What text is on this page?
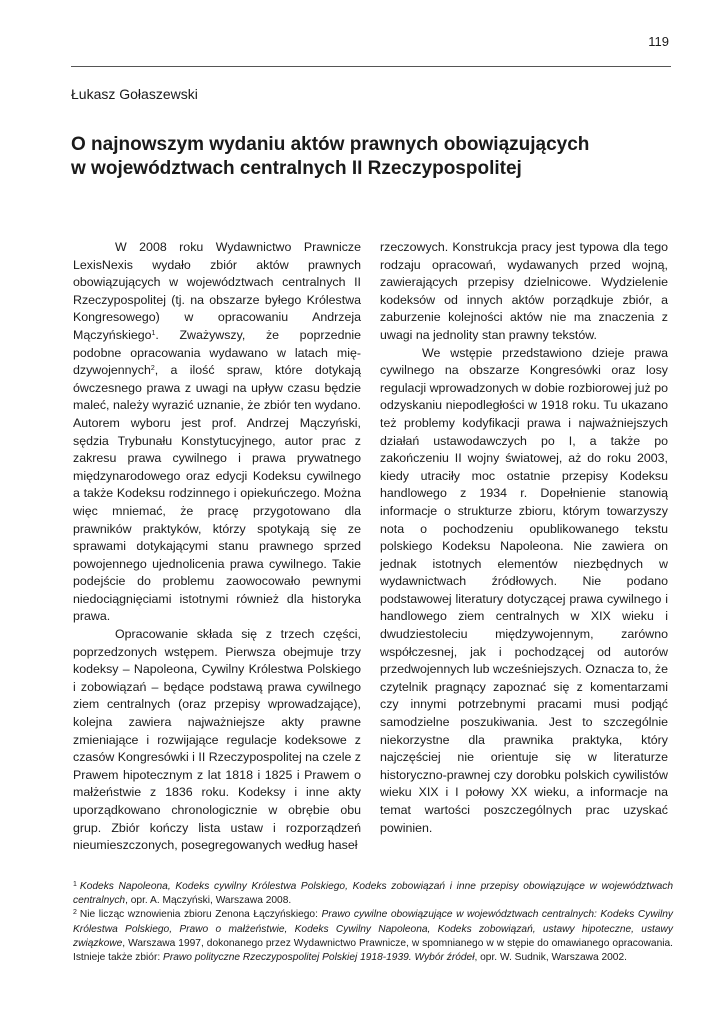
119
Łukasz Gołaszewski
O najnowszym wydaniu aktów prawnych obowiązujących
w województwach centralnych II Rzeczypospolitej

W 2008 roku Wydawnictwo Prawnicze LexisNexis wydało zbiór aktów prawnych obowiązujących w województwach centralnych II Rzeczypospolitej (tj. na obszarze byłego Królestwa Kongresowego) w opracowaniu Andrzeja Mączyńskiego$^1$. Zważywszy, że poprzednie podobne opracowania wydawano w latach międzywojennych$^2$, a ilość spraw, które dotykają ówczesnego prawa z uwagi na upływ czasu będzie maleć, należy wyrazić uznanie, że zbiór ten wydano. Autorem wyboru jest prof. Andrzej Mączyński, sędzia Trybunału Konstytucyjnego, autor prac z zakresu prawa cywilnego i prawa prywatnego międzynarodowego oraz edycji Kodeksu cywilnego a także Kodeksu rodzinnego i opiekuńczego. Można więc mniemać, że pracę przygotowano dla prawników praktyków, którzy spotykają się ze sprawami dotykającymi stanu prawnego sprzed powojennego ujednolicenia prawa cywilnego. Takie podejście do problemu zaowocowało pewnymi niedociągnięciami istotnymi również dla historyka prawa.

Opracowanie składa się z trzech części, poprzedzonych wstępem. Pierwsza obejmuje trzy kodeksy – Napoleona, Cywilny Królestwa Polskiego i zobowiązań – będące podstawą prawa cywilnego ziem centralnych (oraz przepisy wprowadzające), kolejna zawiera najważniejsze akty prawne zmieniające i rozwijające regulacje kodeksowe z czasów Kongresówki i II Rzeczypospolitej na czele z Prawem hipotecznym z lat 1818 i 1825 i Prawem o małżeństwie z 1836 roku. Kodeksy i inne akty uporządkowano chronologicznie w obrębie obu grup. Zbiór kończy lista ustaw i rozporządzeń nieumieszczonych, posegregowanych według haseł

rzeczowych. Konstrukcja pracy jest typowa dla tego rodzaju opracowań, wydawanych przed wojną, zawierających przepisy dzielnicowe. Wydzielenie kodeksów od innych aktów porządkuje zbiór, a zaburzenie kolejności aktów nie ma znaczenia z uwagi na jednolity stan prawny tekstów.

We wstępie przedstawiono dzieje prawa cywilnego na obszarze Kongresówki oraz losy regulacji wprowadzonych w dobie rozbiorowej już po odzyskaniu niepodległości w 1918 roku. Tu ukazano też problemy kodyfikacji prawa i najważniejszych działań ustawodawczych po I, a także po zakończeniu II wojny światowej, aż do roku 2003, kiedy utraciły moc ostatnie przepisy Kodeksu handlowego z 1934 r. Dopełnienie stanowią informacje o strukturze zbioru, którym towarzyszy nota o pochodzeniu opublikowanego tekstu polskiego Kodeksu Napoleona. Nie zawiera on jednak istotnych elementów niezbędnych w wydawnictwach źródłowych. Nie podano podstawowej literatury dotyczącej prawa cywilnego i handlowego ziem centralnych w XIX wieku i dwudziestoleciu międzywojennym, zarówno współczesnej, jak i pochodzącej od autorów przedwojennych lub wcześniejszych. Oznacza to, że czytelnik pragnący zapoznać się z komentarzami czy innymi potrzebnymi pracami musi podjąć samodzielne poszukiwania. Jest to szczególnie niekorzystne dla prawnika praktyka, który najczęściej nie orientuje się w literaturze historyczno-prawnej czy dorobku polskich cywilistów wieku XIX i I połowy XX wieku, a informacje na temat wartości poszczególnych prac uzyskać powinien.

$^1$ Kodeks Napoleona, Kodeks cywilny Królestwa Polskiego, Kodeks zobowiązań i inne przepisy obowiązujące w województwach centralnych, opr. A. Mączyński, Warszawa 2008.

$^2$ Nie licząc wznowienia zbioru Zenona Łączyńskiego: Prawo cywilne obowiązujące w województwach centralnych: Kodeks Cywilny Królestwa Polskiego, Prawo o małżeństwie, Kodeks Cywilny Napoleona, Kodeks zobowiązań, ustawy hipoteczne, ustawy związkowe, Warszawa 1997, dokonanego przez Wydawnictwo Prawnicze, w spomnianego w w stępie do omawianego opracowania. Istnieje także zbiór: Prawo polityczne Rzeczypospolitej Polskiej 1918-1939. Wybór źródeł, opr. W. Sudnik, Warszawa 2002.
